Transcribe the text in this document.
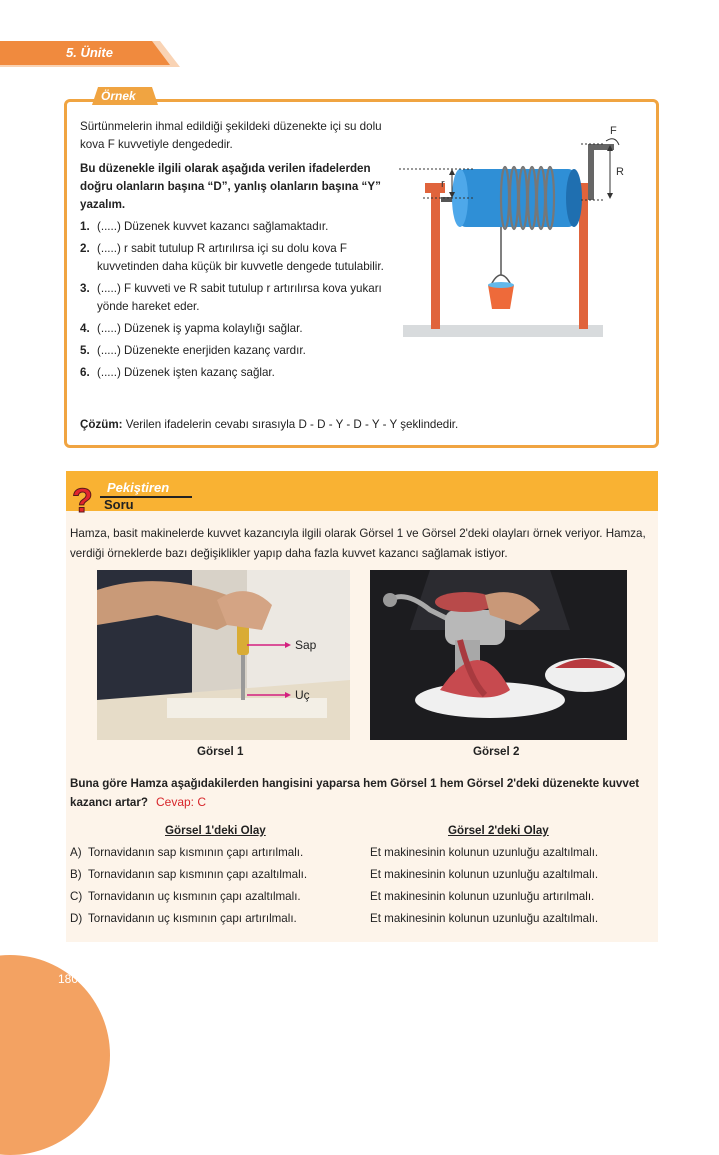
5. Ünite
Örnek

Sürtünmelerin ihmal edildiği şekildeki düzenekte içi su dolu kova F kuvvetiyle dengededir.

Bu düzenekle ilgili olarak aşağıda verilen ifadelerden doğru olanların başına “D”, yanlış olanların başına “Y” yazalım.

1. (.....) Düzenek kuvvet kazancı sağlamaktadır.
2. (.....) r sabit tutulup R artırılırsa içi su dolu kova F kuvvetinden daha küçük bir kuvvetle dengede tutulabilir.
3. (.....) F kuvveti ve R sabit tutulup r artırılırsa kova yukarı yönde hareket eder.
4. (.....) Düzenek iş yapma kolaylığı sağlar.
5. (.....) Düzenekte enerjiden kazanç vardır.
6. (.....) Düzenek işten kazanç sağlar.
Çözüm: Verilen ifadelerin cevabı sırasıyla D - D - Y - D - Y - Y şeklindedir.
R
F
r
? Pekiştiren
Soru
Hamza, basit makinelerde kuvvet kazancıyla ilgili olarak Görsel 1 ve Görsel 2'deki olayları örnek veriyor. Hamza, verdiği örneklerde bazı değişiklikler yapıp daha fazla kuvvet kazancı sağlamak istiyor.
Sap
Uç
Görsel 1	Görsel 2
Buna göre Hamza aşağıdakilerden hangisini yaparsa hem Görsel 1 hem Görsel 2'deki düzenekte kuvvet kazancı artar? Cevap: C
Görsel 1'deki Olay	Görsel 2'deki Olay
A) Tornavidanın sap kısmının çapı artırılmalı.	Et makinesinin kolunun uzunluğu azaltılmalı.
B) Tornavidanın sap kısmının çapı azaltılmalı.	Et makinesinin kolunun uzunluğu azaltılmalı.
C) Tornavidanın uç kısmının çapı azaltılmalı.	Et makinesinin kolunun uzunluğu artırılmalı.
D) Tornavidanın uç kısmının çapı artırılmalı.	Et makinesinin kolunun uzunluğu azaltılmalı.
180
